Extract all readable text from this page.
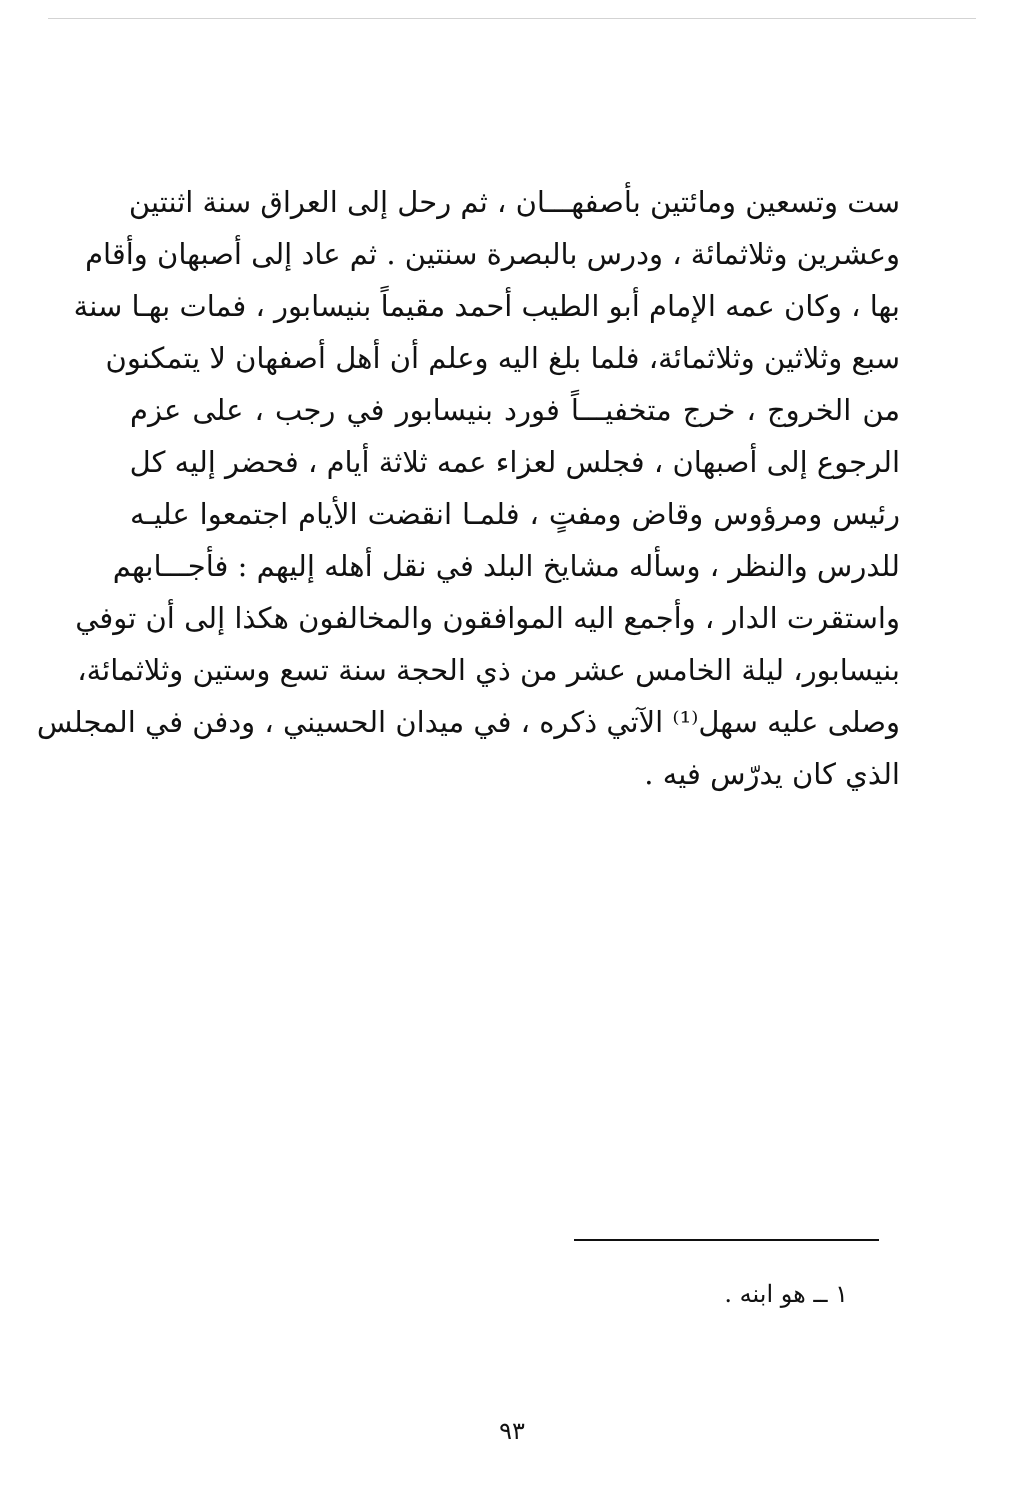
ست وتسعين ومائتين بأصفهـــان ، ثم رحل إلى العراق سنة اثنتين
وعشرين وثلاثمائة ، ودرس بالبصرة سنتين . ثم عاد إلى أصبهان وأقام
بها ، وكان عمه الإمام أبو الطيب أحمد مقيماً بنيسابور ، فمات بهـا سنة
سبع وثلاثين وثلاثمائة، فلما بلغ اليه وعلم أن أهل أصفهان لا يتمكنون
من الخروج ، خرج متخفيـــاً فورد بنيسابور في رجب ، على عزم
الرجوع إلى أصبهان ، فجلس لعزاء عمه ثلاثة أيام ، فحضر إليه كل
رئيس ومرؤوس وقاض ومفتٍ ، فلمـا انقضت الأيام اجتمعوا عليـه
للدرس والنظر ، وسأله مشايخ البلد في نقل أهله إليهم : فأجـــابهم
واستقرت الدار ، وأجمع اليه الموافقون والمخالفون هكذا إلى أن توفي
بنيسابور، ليلة الخامس عشر من ذي الحجة سنة تسع وستين وثلاثمائة،
وصلى عليه سهل⁽¹⁾ الآتي ذكره ، في ميدان الحسيني ، ودفن في المجلس
الذي كان يدرّس فيه .
١ ــ هو ابنه .
٩٣
